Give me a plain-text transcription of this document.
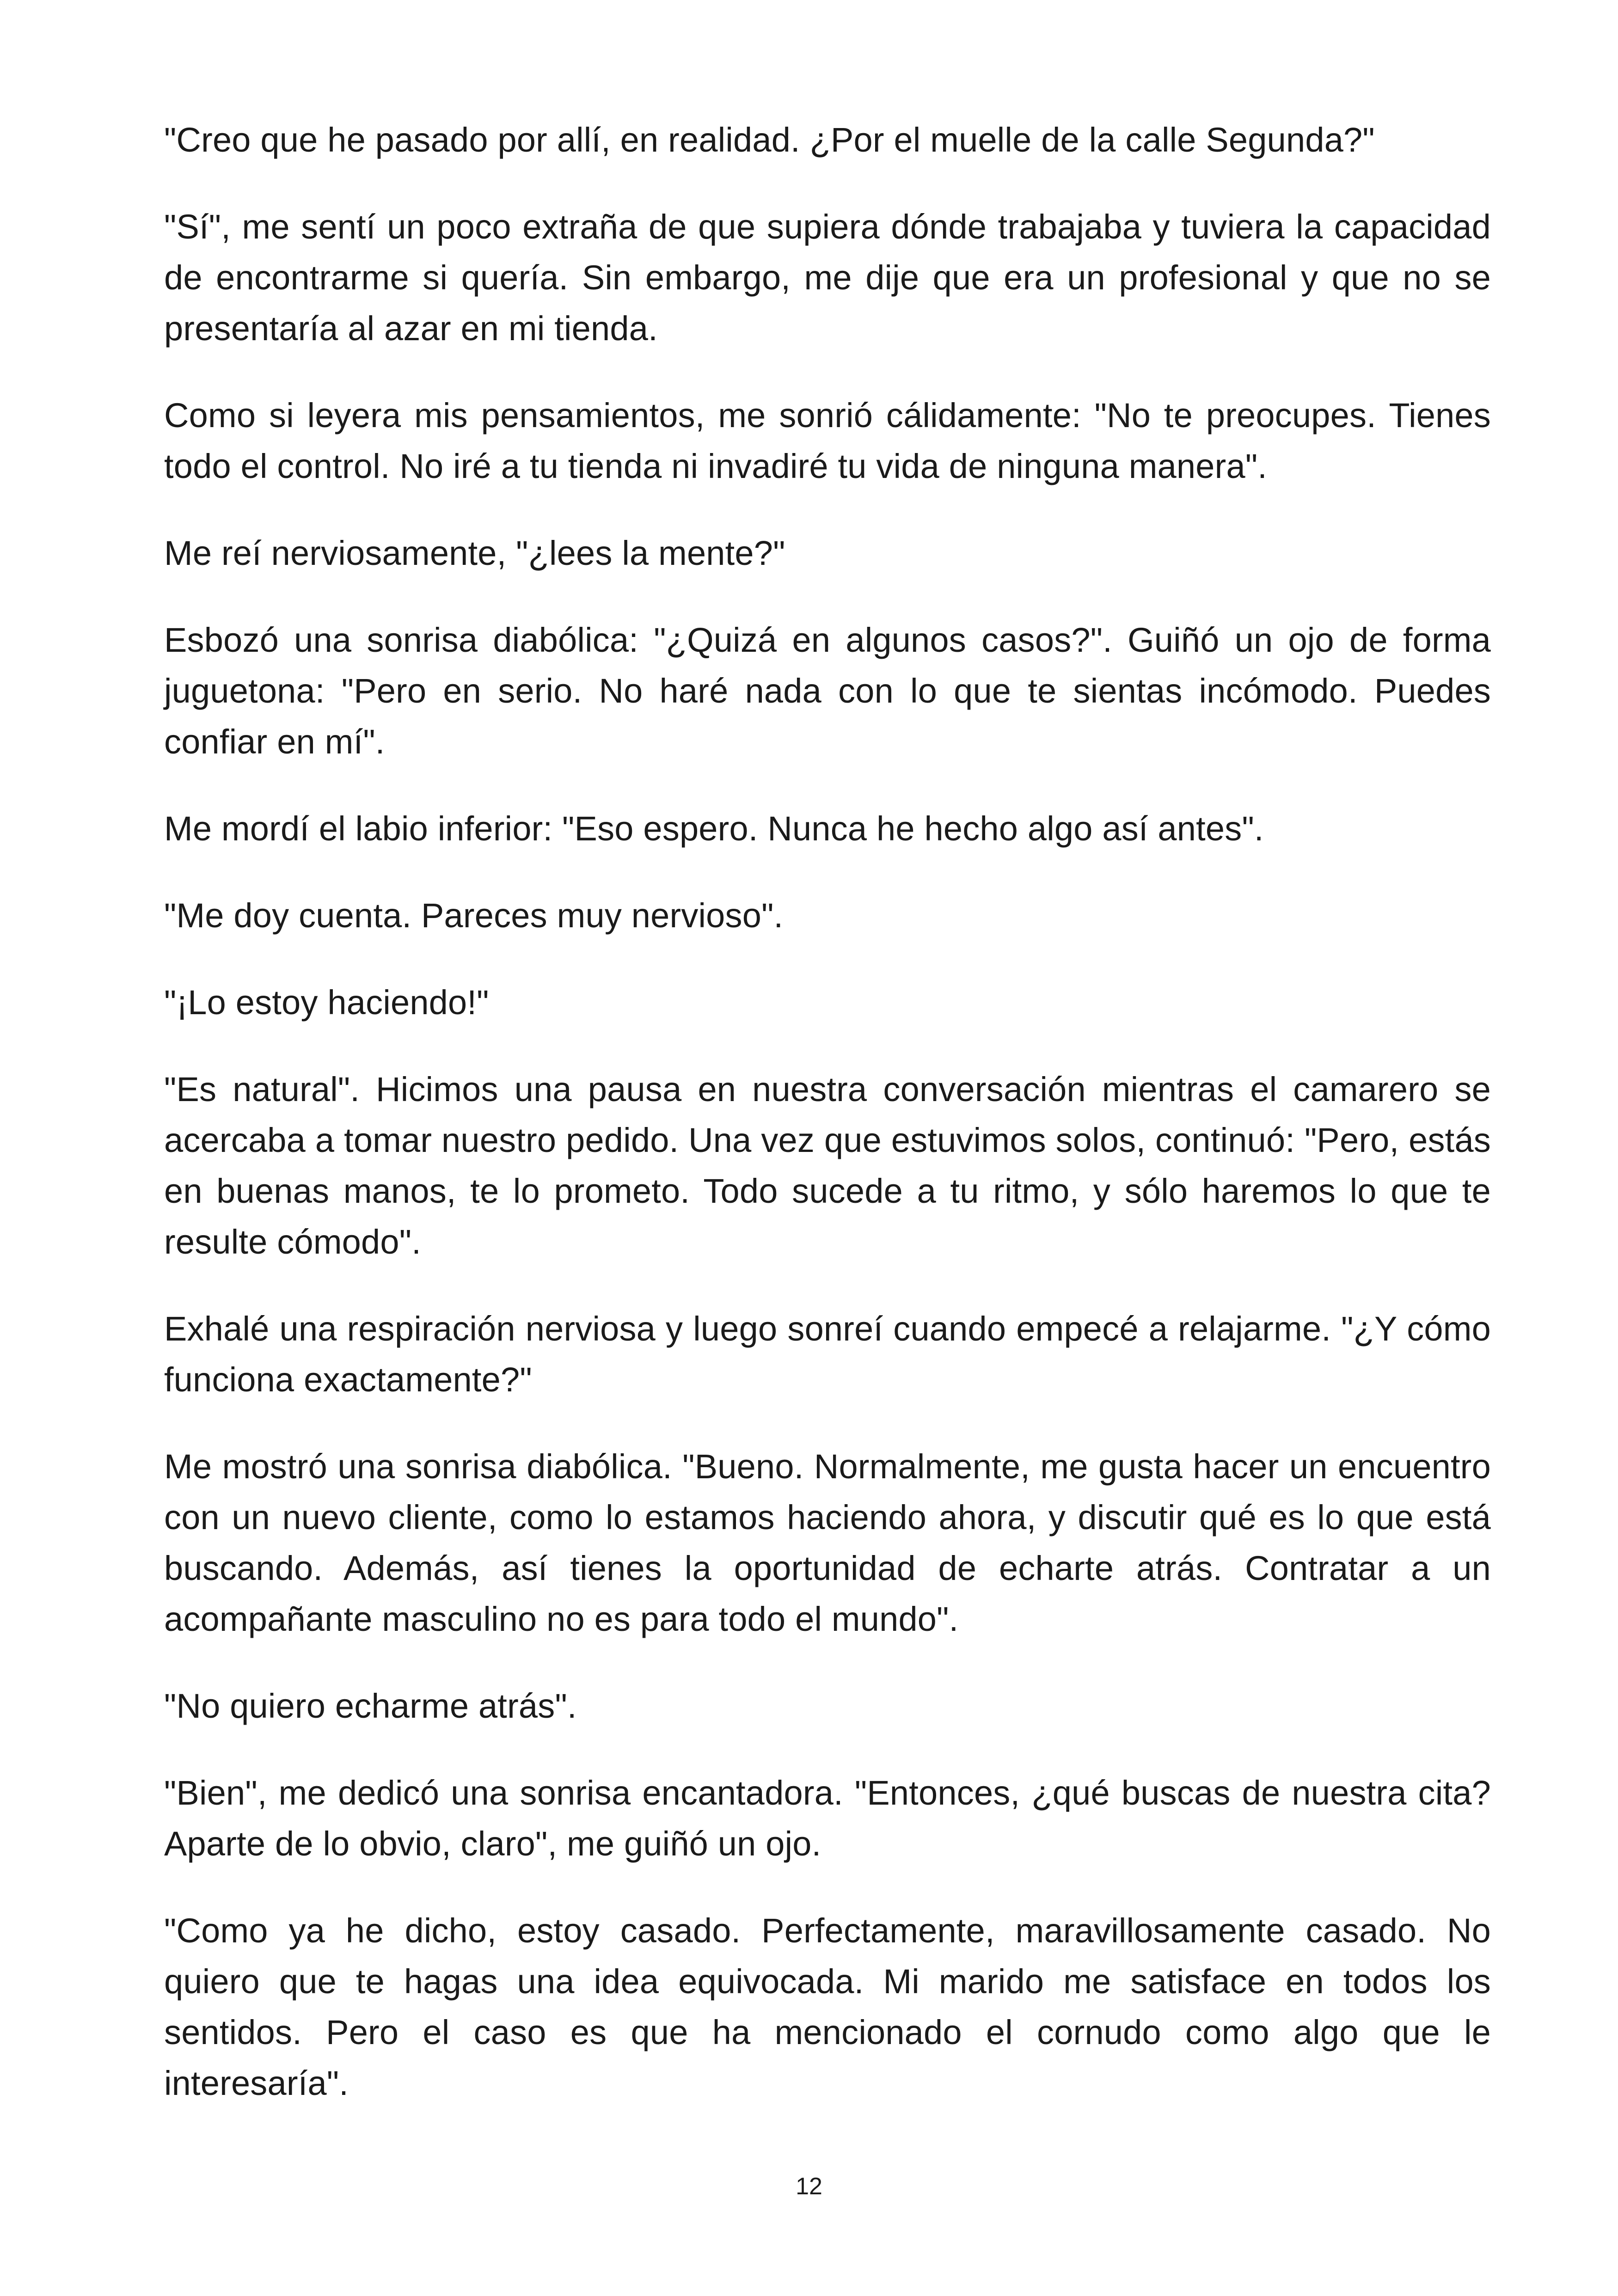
"Creo que he pasado por allí, en realidad. ¿Por el muelle de la calle Segunda?"

"Sí", me sentí un poco extraña de que supiera dónde trabajaba y tuviera la capacidad de encontrarme si quería. Sin embargo, me dije que era un profesional y que no se presentaría al azar en mi tienda.

Como si leyera mis pensamientos, me sonrió cálidamente: "No te preocupes. Tienes todo el control. No iré a tu tienda ni invadiré tu vida de ninguna manera".

Me reí nerviosamente, "¿lees la mente?"

Esbozó una sonrisa diabólica: "¿Quizá en algunos casos?". Guiñó un ojo de forma juguetona: "Pero en serio. No haré nada con lo que te sientas incómodo. Puedes confiar en mí".

Me mordí el labio inferior: "Eso espero. Nunca he hecho algo así antes".

"Me doy cuenta. Pareces muy nervioso".

"¡Lo estoy haciendo!"

"Es natural". Hicimos una pausa en nuestra conversación mientras el camarero se acercaba a tomar nuestro pedido. Una vez que estuvimos solos, continuó: "Pero, estás en buenas manos, te lo prometo. Todo sucede a tu ritmo, y sólo haremos lo que te resulte cómodo".

Exhalé una respiración nerviosa y luego sonreí cuando empecé a relajarme. "¿Y cómo funciona exactamente?"

Me mostró una sonrisa diabólica. "Bueno. Normalmente, me gusta hacer un encuentro con un nuevo cliente, como lo estamos haciendo ahora, y discutir qué es lo que está buscando. Además, así tienes la oportunidad de echarte atrás. Contratar a un acompañante masculino no es para todo el mundo".

"No quiero echarme atrás".

"Bien", me dedicó una sonrisa encantadora. "Entonces, ¿qué buscas de nuestra cita? Aparte de lo obvio, claro", me guiñó un ojo.

"Como ya he dicho, estoy casado. Perfectamente, maravillosamente casado. No quiero que te hagas una idea equivocada. Mi marido me satisface en todos los sentidos. Pero el caso es que ha mencionado el cornudo como algo que le interesaría".

12
